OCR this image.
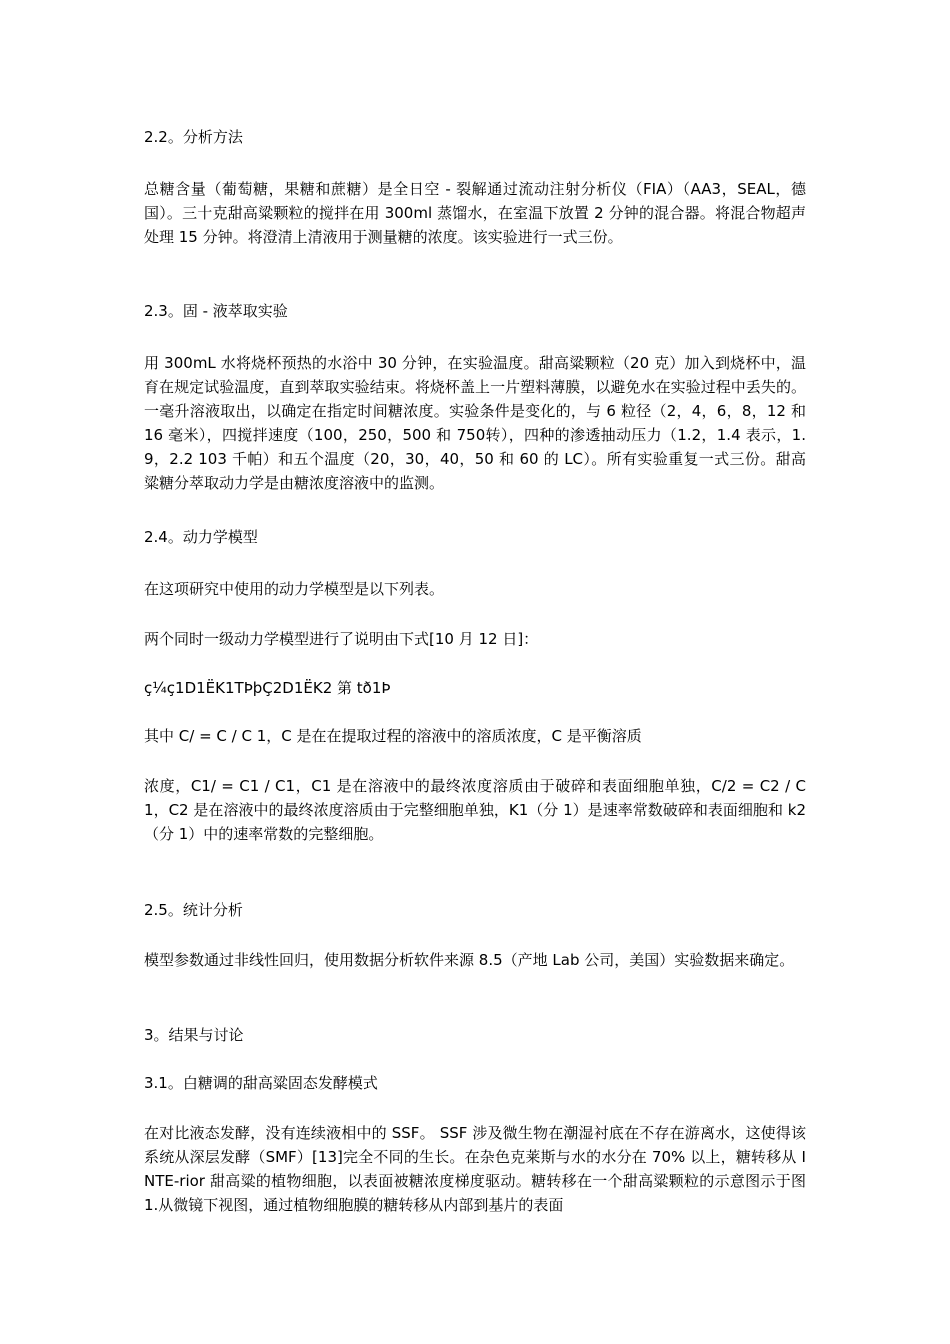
2.2。分析方法

总糖含量（葡萄糖，果糖和蔗糖）是全日空 - 裂解通过流动注射分析仪（FIA）（AA3，SEAL，德国）。三十克甜高粱颗粒的搅拌在用 300ml 蒸馏水，在室温下放置 2 分钟的混合器。将混合物超声处理 15 分钟。将澄清上清液用于测量糖的浓度。该实验进行一式三份。

2.3。固 - 液萃取实验

用 300mL 水将烧杯预热的水浴中 30 分钟，在实验温度。甜高粱颗粒（20 克）加入到烧杯中，温育在规定试验温度，直到萃取实验结束。将烧杯盖上一片塑料薄膜，以避免水在实验过程中丢失的。一毫升溶液取出，以确定在指定时间糖浓度。实验条件是变化的，与 6 粒径（2，4，6，8，12 和 16 毫米），四搅拌速度（100，250，500 和 750转），四种的渗透抽动压力（1.2，1.4 表示，1.9，2.2 103 千帕）和五个温度（20，30，40，50 和 60 的 LC）。所有实验重复一式三份。甜高粱糖分萃取动力学是由糖浓度溶液中的监测。

2.4。动力学模型

在这项研究中使用的动力学模型是以下列表。

两个同时一级动力学模型进行了说明由下式[10 月 12 日]：

ç¼ç1D1ËK1TÞþÇ2D1ËK2 第 tð1Þ

其中 C/ = C / C 1，C 是在在提取过程的溶液中的溶质浓度，C 是平衡溶质

浓度，C1/ = C1 / C1，C1 是在溶液中的最终浓度溶质由于破碎和表面细胞单独，C/2 = C2 / C1，C2 是在溶液中的最终浓度溶质由于完整细胞单独，K1（分 1）是速率常数破碎和表面细胞和 k2（分 1）中的速率常数的完整细胞。

2.5。统计分析

模型参数通过非线性回归，使用数据分析软件来源 8.5（产地 Lab 公司，美国）实验数据来确定。

3。结果与讨论

3.1。白糖调的甜高粱固态发酵模式

在对比液态发酵，没有连续液相中的 SSF。 SSF 涉及微生物在潮湿衬底在不存在游离水，这使得该系统从深层发酵（SMF）[13]完全不同的生长。在杂色克莱斯与水的水分在 70% 以上，糖转移从 INTE-rior 甜高粱的植物细胞，以表面被糖浓度梯度驱动。糖转移在一个甜高粱颗粒的示意图示于图 1.从微镜下视图，通过植物细胞膜的糖转移从内部到基片的表面
